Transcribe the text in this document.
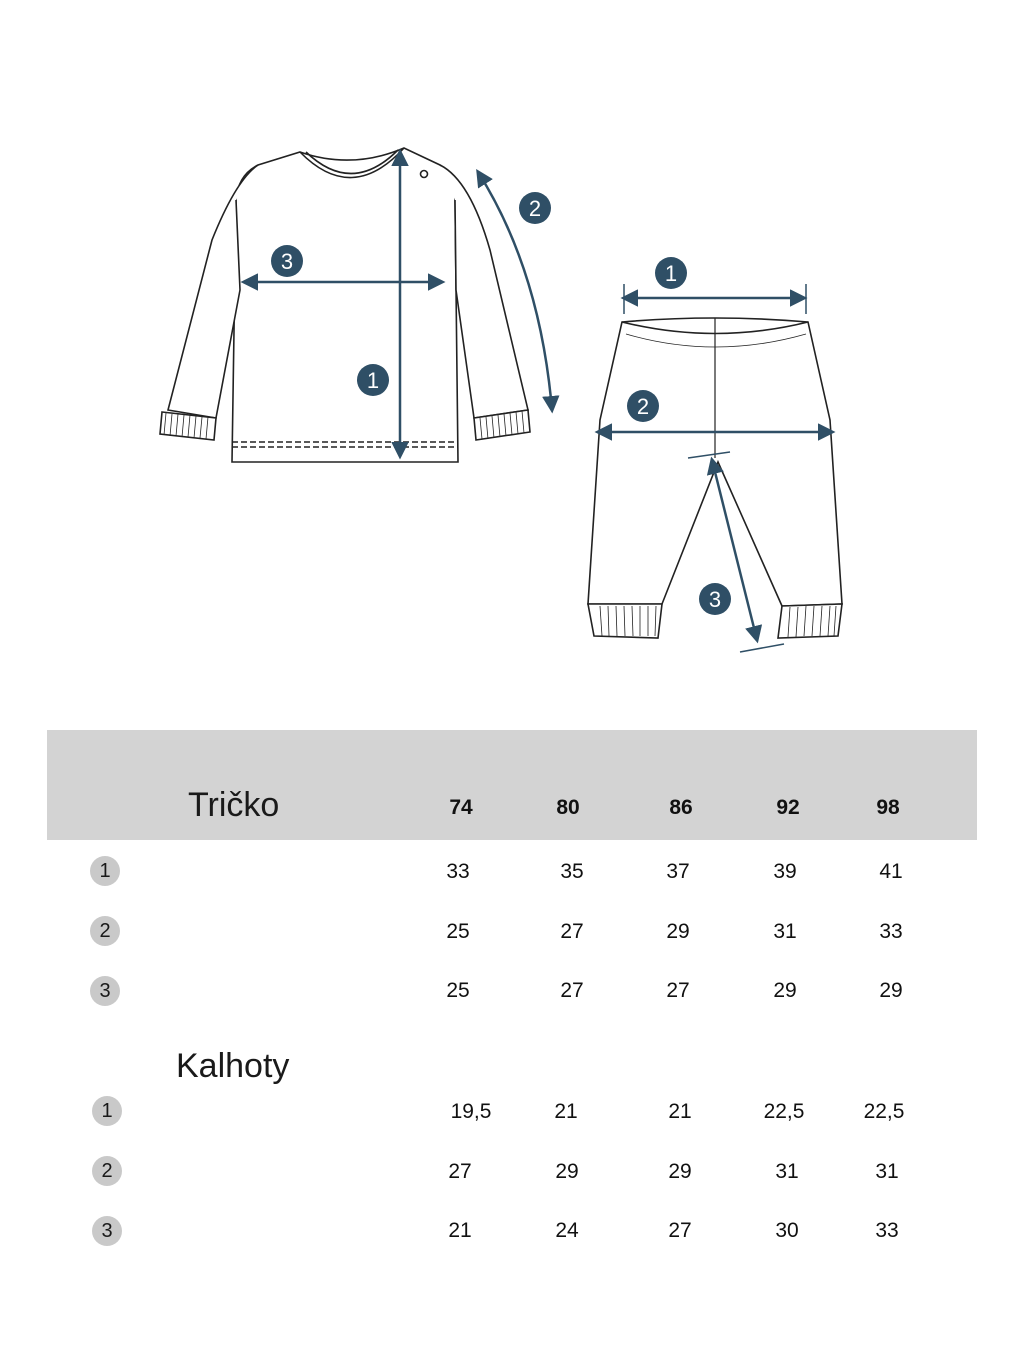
1
2
3	1
2
3
Tričko	74	80	86	92	98
1	33	35	37	39	41
2	25	27	29	31	33
3	25	27	27	29	29
Kalhoty
1	19,5	21	21	22,5	22,5
2	27	29	29	31	31
3	21	24	27	30	33
